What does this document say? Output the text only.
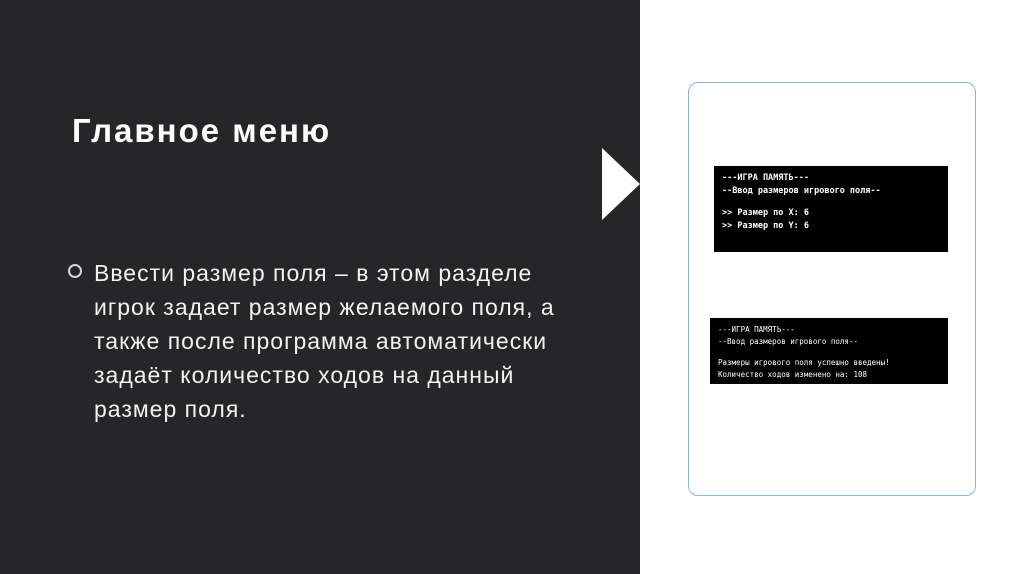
Главное меню
Ввести размер поля – в этом разделе игрок задает размер желаемого поля, а также после программа автоматически задаёт количество ходов на данный размер поля.
---ИГРА ПАМЯТЬ---
--Ввод размеров игрового поля--
>> Размер по X: 6
>> Размер по Y: 6
---ИГРА ПАМЯТЬ---
--Ввод размеров игрового поля--
Размеры игрового поля успешно введены!
Количество ходов изменено на: 108
